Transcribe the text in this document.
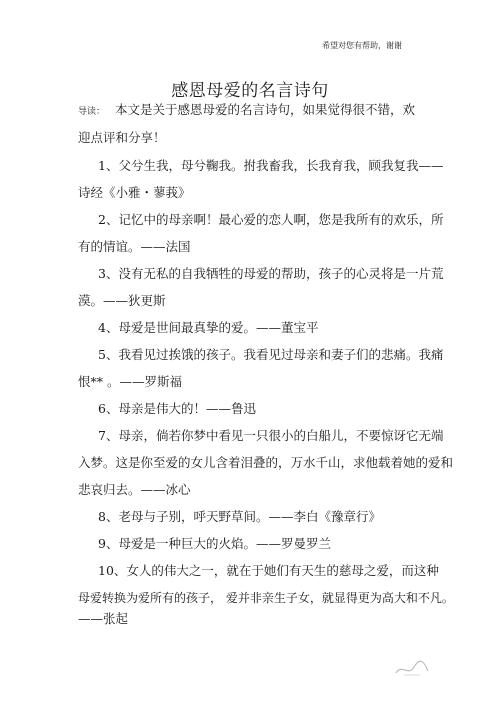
希望对您有帮助，谢谢
感恩母爱的名言诗句
导读： 本文是关于感恩母爱的名言诗句，如果觉得很不错，欢
迎点评和分享！
1、父兮生我，母兮鞠我。拊我畜我，长我育我，顾我复我——
诗经《小雅・蓼莪》
2、记忆中的母亲啊！最心爱的恋人啊，您是我所有的欢乐，所
有的情谊。——法国
3、没有无私的自我牺牲的母爱的帮助，孩子的心灵将是一片荒
漠。——狄更斯
4、母爱是世间最真挚的爱。——董宝平
5、我看见过挨饿的孩子。我看见过母亲和妻子们的悲痛。我痛
恨** 。——罗斯福
6、母亲是伟大的！——鲁迅
7、母亲，倘若你梦中看见一只很小的白船儿，不要惊讶它无端
入梦。这是你至爱的女儿含着泪叠的，万水千山，求他载着她的爱和
悲哀归去。——冰心
8、老母与子别，呼天野草间。——李白《豫章行》
9、母爱是一种巨大的火焰。——罗曼罗兰
10、女人的伟大之一，就在于她们有天生的慈母之爱，而这种
母爱转换为爱所有的孩子， 爱并非亲生子女，就显得更为高大和不凡。
——张起
